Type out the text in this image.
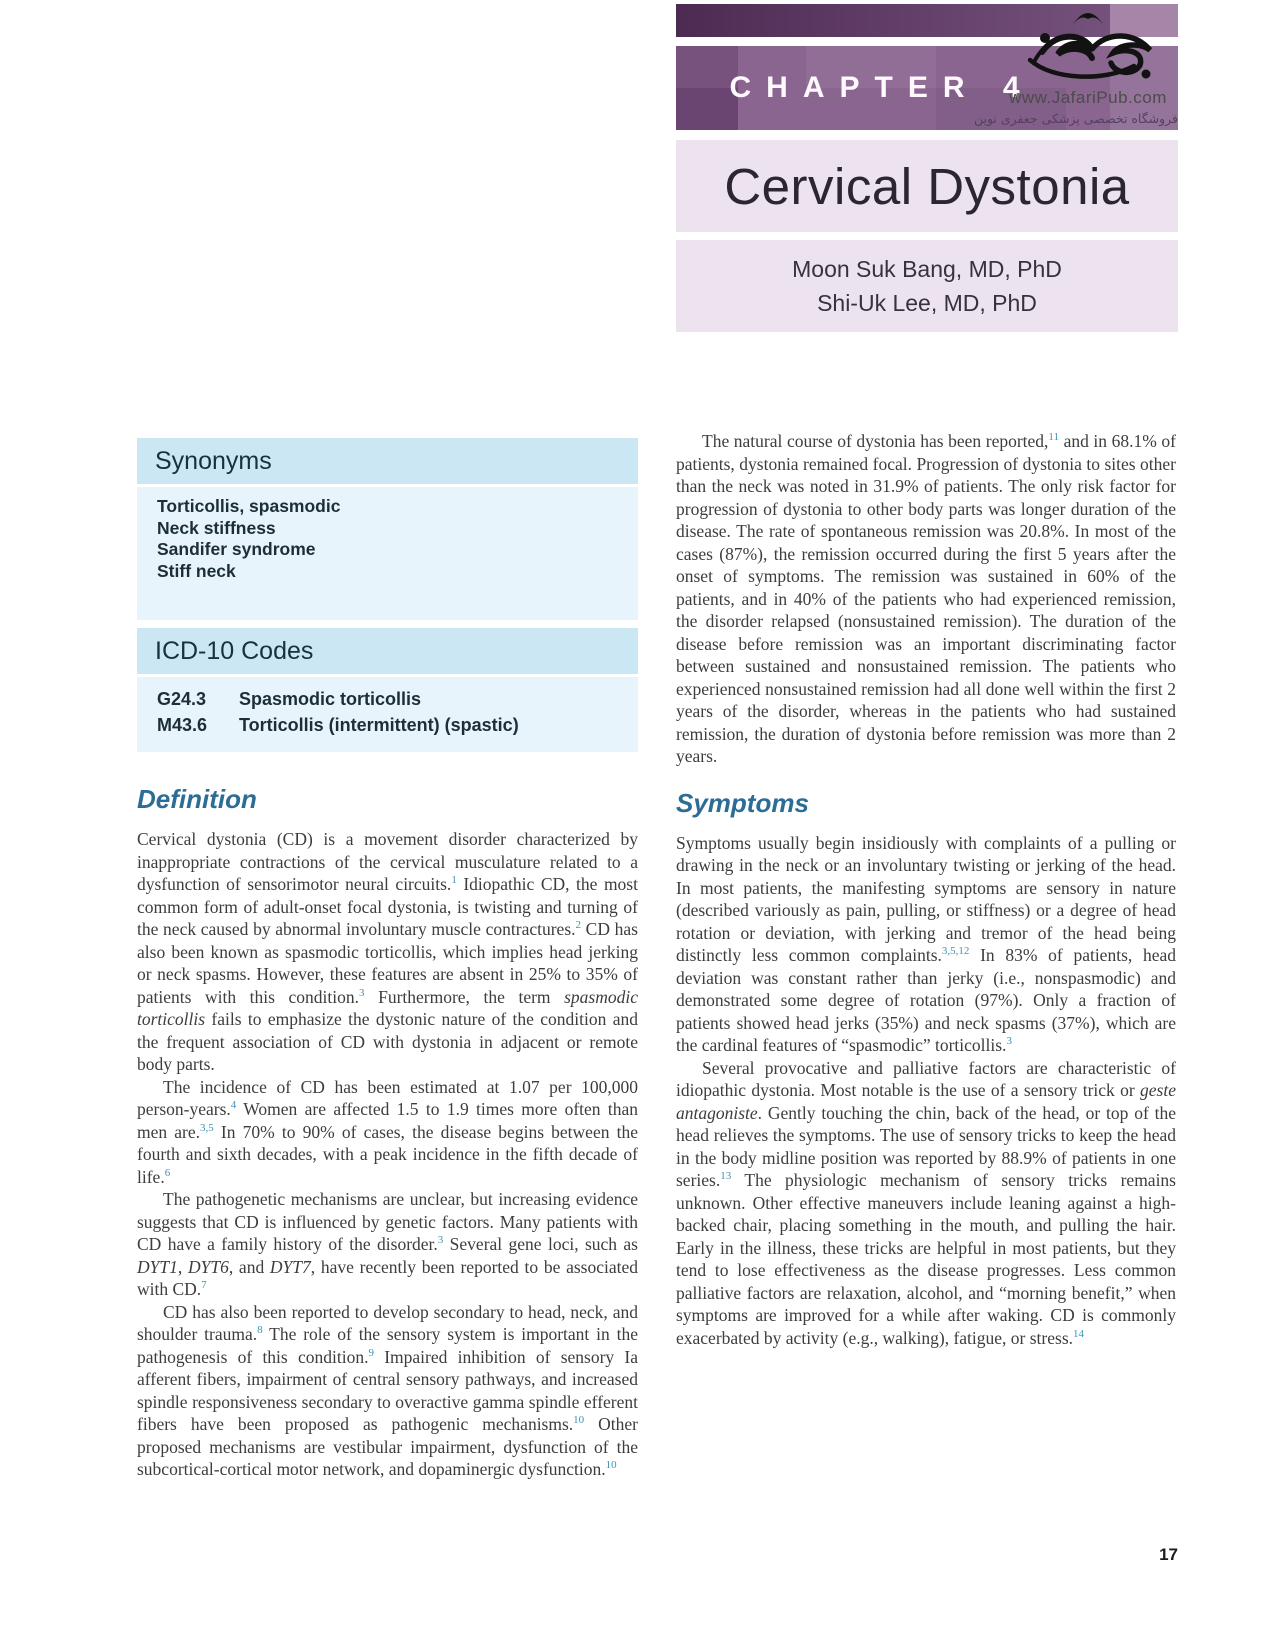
CHAPTER 4
www.JafariPub.com
فروشگاه تخصصی پزشکی جعفری نوین
Cervical Dystonia
Moon Suk Bang, MD, PhD
Shi-Uk Lee, MD, PhD
Synonyms
Torticollis, spasmodic
Neck stiffness
Sandifer syndrome
Stiff neck
ICD-10 Codes
G24.3	Spasmodic torticollis
M43.6	Torticollis (intermittent) (spastic)
Definition

Cervical dystonia (CD) is a movement disorder characterized by inappropriate contractions of the cervical musculature related to a dysfunction of sensorimotor neural circuits.$^1$ Idiopathic CD, the most common form of adult-onset focal dystonia, is twisting and turning of the neck caused by abnormal involuntary muscle contractures.$^2$ CD has also been known as spasmodic torticollis, which implies head jerking or neck spasms. However, these features are absent in 25% to 35% of patients with this condition.$^3$ Furthermore, the term spasmodic torticollis fails to emphasize the dystonic nature of the condition and the frequent association of CD with dystonia in adjacent or remote body parts.

The incidence of CD has been estimated at 1.07 per 100,000 person-years.$^4$ Women are affected 1.5 to 1.9 times more often than men are.$^{3,5}$ In 70% to 90% of cases, the disease begins between the fourth and sixth decades, with a peak incidence in the fifth decade of life.$^6$

The pathogenetic mechanisms are unclear, but increasing evidence suggests that CD is influenced by genetic factors. Many patients with CD have a family history of the disorder.$^3$ Several gene loci, such as DYT1, DYT6, and DYT7, have recently been reported to be associated with CD.$^7$

CD has also been reported to develop secondary to head, neck, and shoulder trauma.$^8$ The role of the sensory system is important in the pathogenesis of this condition.$^9$ Impaired inhibition of sensory Ia afferent fibers, impairment of central sensory pathways, and increased spindle responsiveness secondary to overactive gamma spindle efferent fibers have been proposed as pathogenic mechanisms.$^{10}$ Other proposed mechanisms are vestibular impairment, dysfunction of the subcortical-cortical motor network, and dopaminergic dysfunction.$^{10}$

The natural course of dystonia has been reported,$^{11}$ and in 68.1% of patients, dystonia remained focal. Progression of dystonia to sites other than the neck was noted in 31.9% of patients. The only risk factor for progression of dystonia to other body parts was longer duration of the disease. The rate of spontaneous remission was 20.8%. In most of the cases (87%), the remission occurred during the first 5 years after the onset of symptoms. The remission was sustained in 60% of the patients, and in 40% of the patients who had experienced remission, the disorder relapsed (nonsustained remission). The duration of the disease before remission was an important discriminating factor between sustained and nonsustained remission. The patients who experienced nonsustained remission had all done well within the first 2 years of the disorder, whereas in the patients who had sustained remission, the duration of dystonia before remission was more than 2 years.

Symptoms

Symptoms usually begin insidiously with complaints of a pulling or drawing in the neck or an involuntary twisting or jerking of the head. In most patients, the manifesting symptoms are sensory in nature (described variously as pain, pulling, or stiffness) or a degree of head rotation or deviation, with jerking and tremor of the head being distinctly less common complaints.$^{3,5,12}$ In 83% of patients, head deviation was constant rather than jerky (i.e., nonspasmodic) and demonstrated some degree of rotation (97%). Only a fraction of patients showed head jerks (35%) and neck spasms (37%), which are the cardinal features of “spasmodic” torticollis.$^3$

Several provocative and palliative factors are characteristic of idiopathic dystonia. Most notable is the use of a sensory trick or geste antagoniste. Gently touching the chin, back of the head, or top of the head relieves the symptoms. The use of sensory tricks to keep the head in the body midline position was reported by 88.9% of patients in one series.$^{13}$ The physiologic mechanism of sensory tricks remains unknown. Other effective maneuvers include leaning against a high-backed chair, placing something in the mouth, and pulling the hair. Early in the illness, these tricks are helpful in most patients, but they tend to lose effectiveness as the disease progresses. Less common palliative factors are relaxation, alcohol, and “morning benefit,” when symptoms are improved for a while after waking. CD is commonly exacerbated by activity (e.g., walking), fatigue, or stress.$^{14}$

17
